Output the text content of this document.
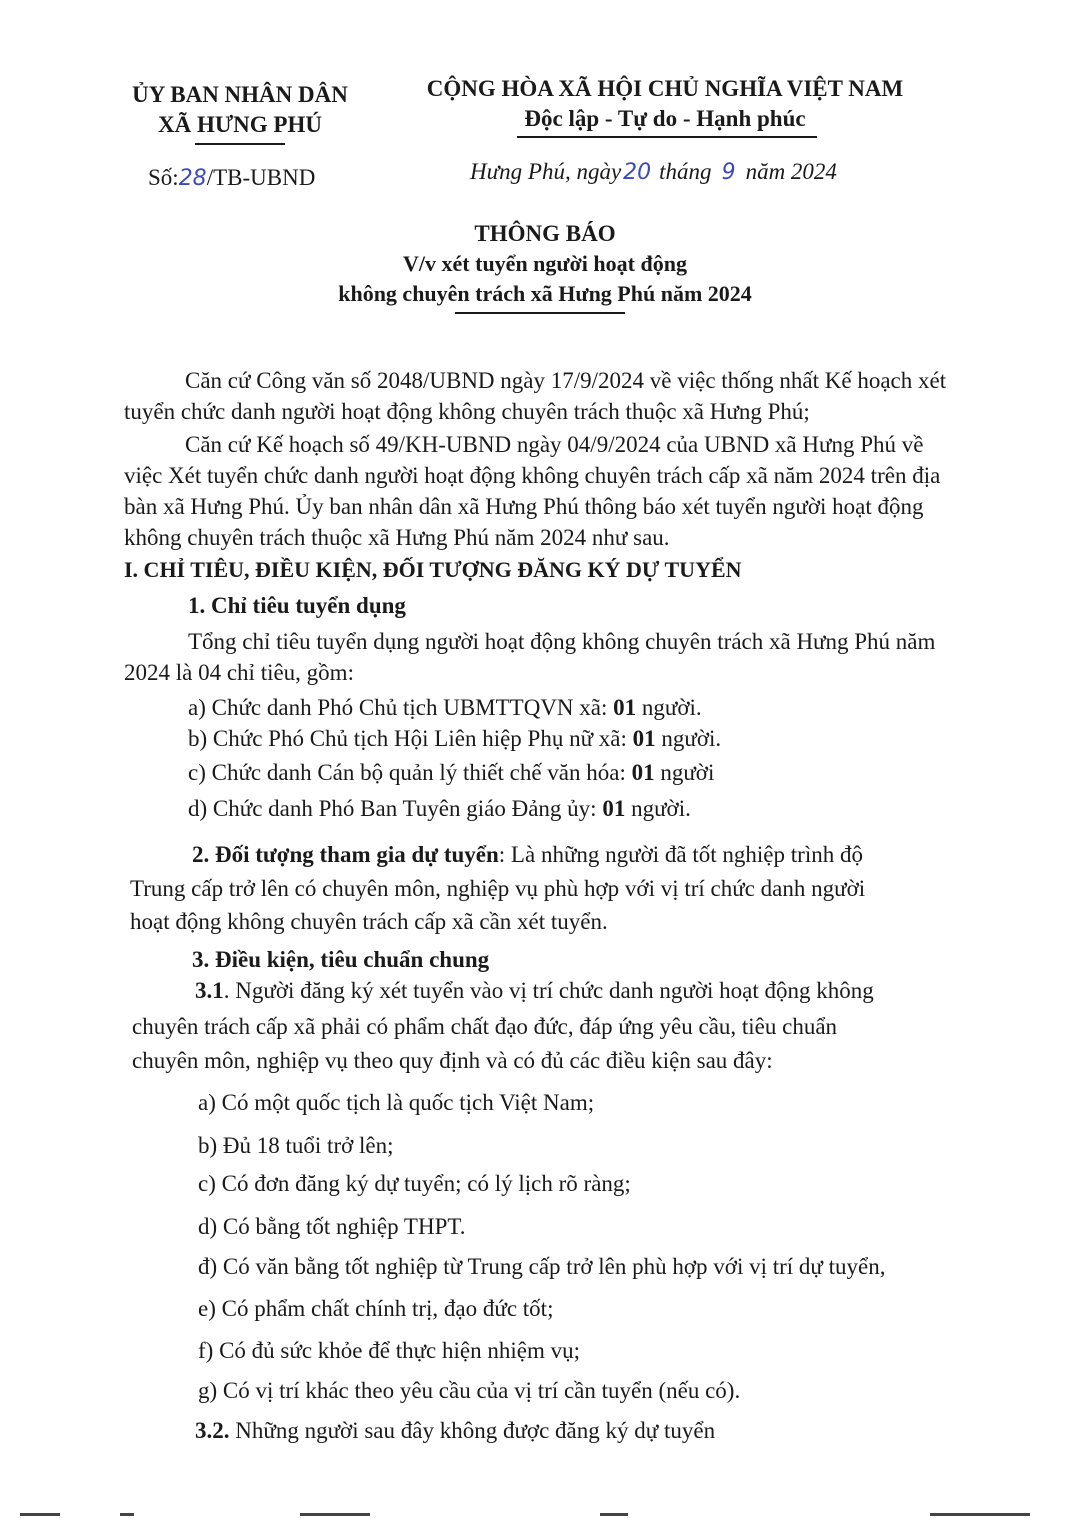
ỦY BAN NHÂN DÂN
XÃ HƯNG PHÚ
CỘNG HÒA XÃ HỘI CHỦ NGHĨA VIỆT NAM
Độc lập - Tự do - Hạnh phúc
Số:28/TB-UBND	Hưng Phú, ngày20 tháng 9 năm 2024
THÔNG BÁO
V/v xét tuyển người hoạt động
không chuyên trách xã Hưng Phú năm 2024
Căn cứ Công văn số 2048/UBND ngày 17/9/2024 về việc thống nhất Kế hoạch xét
tuyển chức danh người hoạt động không chuyên trách thuộc xã Hưng Phú;
Căn cứ Kế hoạch số 49/KH-UBND ngày 04/9/2024 của UBND xã Hưng Phú về
việc Xét tuyển chức danh người hoạt động không chuyên trách cấp xã năm 2024 trên địa
bàn xã Hưng Phú. Ủy ban nhân dân xã Hưng Phú thông báo xét tuyển người hoạt động
không chuyên trách thuộc xã Hưng Phú năm 2024 như sau.
I. CHỈ TIÊU, ĐIỀU KIỆN, ĐỐI TƯỢNG ĐĂNG KÝ DỰ TUYỂN
1. Chỉ tiêu tuyển dụng
Tổng chỉ tiêu tuyển dụng người hoạt động không chuyên trách xã Hưng Phú năm
2024 là 04 chỉ tiêu, gồm:
a) Chức danh Phó Chủ tịch UBMTTQVN xã: 01 người.
b) Chức Phó Chủ tịch Hội Liên hiệp Phụ nữ xã: 01 người.
c) Chức danh Cán bộ quản lý thiết chế văn hóa: 01 người
d) Chức danh Phó Ban Tuyên giáo Đảng ủy: 01 người.
2. Đối tượng tham gia dự tuyển: Là những người đã tốt nghiệp trình độ
Trung cấp trở lên có chuyên môn, nghiệp vụ phù hợp với vị trí chức danh người
hoạt động không chuyên trách cấp xã cần xét tuyển.
3. Điều kiện, tiêu chuẩn chung
3.1. Người đăng ký xét tuyển vào vị trí chức danh người hoạt động không
chuyên trách cấp xã phải có phẩm chất đạo đức, đáp ứng yêu cầu, tiêu chuẩn
chuyên môn, nghiệp vụ theo quy định và có đủ các điều kiện sau đây:
a) Có một quốc tịch là quốc tịch Việt Nam;
b) Đủ 18 tuổi trở lên;
c) Có đơn đăng ký dự tuyển; có lý lịch rõ ràng;
d) Có bằng tốt nghiệp THPT.
đ) Có văn bằng tốt nghiệp từ Trung cấp trở lên phù hợp với vị trí dự tuyển,
e) Có phẩm chất chính trị, đạo đức tốt;
f) Có đủ sức khỏe để thực hiện nhiệm vụ;
g) Có vị trí khác theo yêu cầu của vị trí cần tuyển (nếu có).
3.2. Những người sau đây không được đăng ký dự tuyển
